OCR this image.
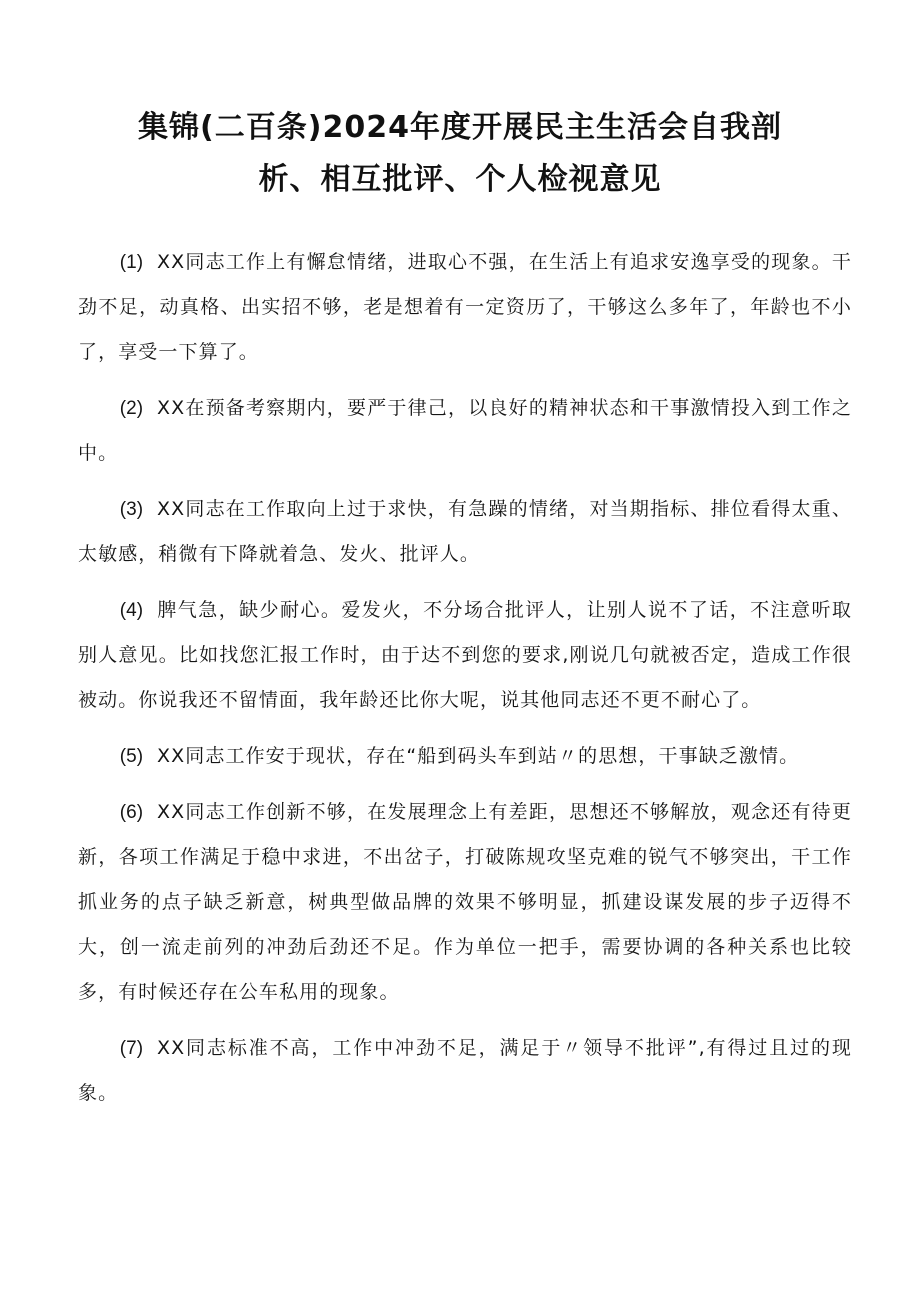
集锦(二百条)2024年度开展民主生活会自我剖
析、相互批评、个人检视意见

(1) XX同志工作上有懈怠情绪，进取心不强，在生活上有追求安逸享受的现象。干劲不足，动真格、出实招不够，老是想着有一定资历了，干够这么多年了，年龄也不小了，享受一下算了。

(2) XX在预备考察期内，要严于律己，以良好的精神状态和干事激情投入到工作之中。

(3) XX同志在工作取向上过于求快，有急躁的情绪，对当期指标、排位看得太重、太敏感，稍微有下降就着急、发火、批评人。

(4) 脾气急，缺少耐心。爱发火，不分场合批评人，让别人说不了话，不注意听取别人意见。比如找您汇报工作时，由于达不到您的要求,刚说几句就被否定，造成工作很被动。你说我还不留情面，我年龄还比你大呢，说其他同志还不更不耐心了。

(5) XX同志工作安于现状，存在“船到码头车到站〃的思想，干事缺乏激情。

(6) XX同志工作创新不够，在发展理念上有差距，思想还不够解放，观念还有待更新，各项工作满足于稳中求进，不出岔子，打破陈规攻坚克难的锐气不够突出，干工作抓业务的点子缺乏新意，树典型做品牌的效果不够明显，抓建设谋发展的步子迈得不大，创一流走前列的冲劲后劲还不足。作为单位一把手，需要协调的各种关系也比较多，有时候还存在公车私用的现象。

(7) XX同志标准不高，工作中冲劲不足，满足于〃领导不批评”,有得过且过的现象。
